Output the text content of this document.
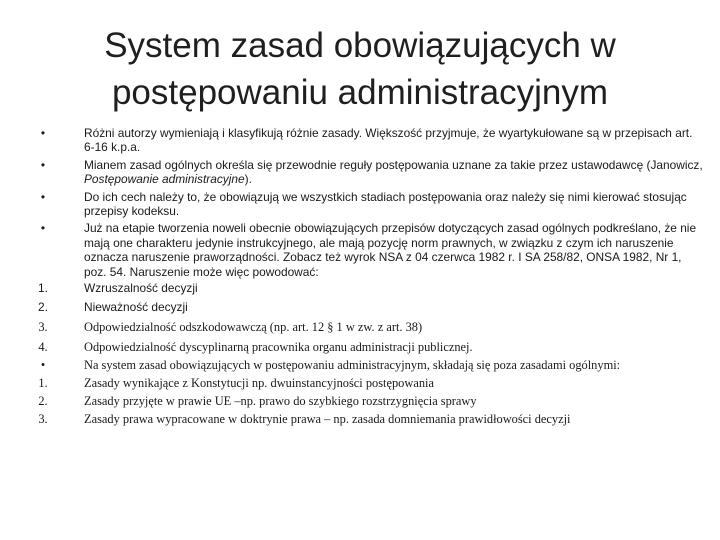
System zasad obowiązujących w
postępowaniu administracyjnym
•	Różni autorzy wymieniają i klasyfikują różnie zasady. Większość przyjmuje, że wyartykułowane są w przepisach art. 6-16 k.p.a.
•	Mianem zasad ogólnych określa się przewodnie reguły postępowania uznane za takie przez ustawodawcę (Janowicz, Postępowanie administracyjne).
•	Do ich cech należy to, że obowiązują we wszystkich stadiach postępowania oraz należy się nimi kierować stosując przepisy kodeksu.
•	Już na etapie tworzenia noweli obecnie obowiązujących przepisów dotyczących zasad ogólnych podkreślano, że nie mają one charakteru jedynie instrukcyjnego, ale mają pozycję norm prawnych, w związku z czym ich naruszenie oznacza naruszenie praworządności. Zobacz też wyrok NSA z 04 czerwca 1982 r. I SA 258/82, ONSA 1982, Nr 1, poz. 54. Naruszenie może więc powodować:
1.	Wzruszalność decyzji
2.	Nieważność decyzji
3.	Odpowiedzialność odszkodowawczą (np. art. 12 § 1 w zw. z art. 38)
4.	Odpowiedzialność dyscyplinarną pracownika organu administracji publicznej.
•	Na system zasad obowiązujących w postępowaniu administracyjnym, składają się poza zasadami ogólnymi:
1.	Zasady wynikające z Konstytucji np. dwuinstancyjności postępowania
2.	Zasady przyjęte w prawie UE –np. prawo do szybkiego rozstrzygnięcia sprawy
3.	Zasady prawa wypracowane w doktrynie prawa – np. zasada domniemania prawidłowości decyzji
